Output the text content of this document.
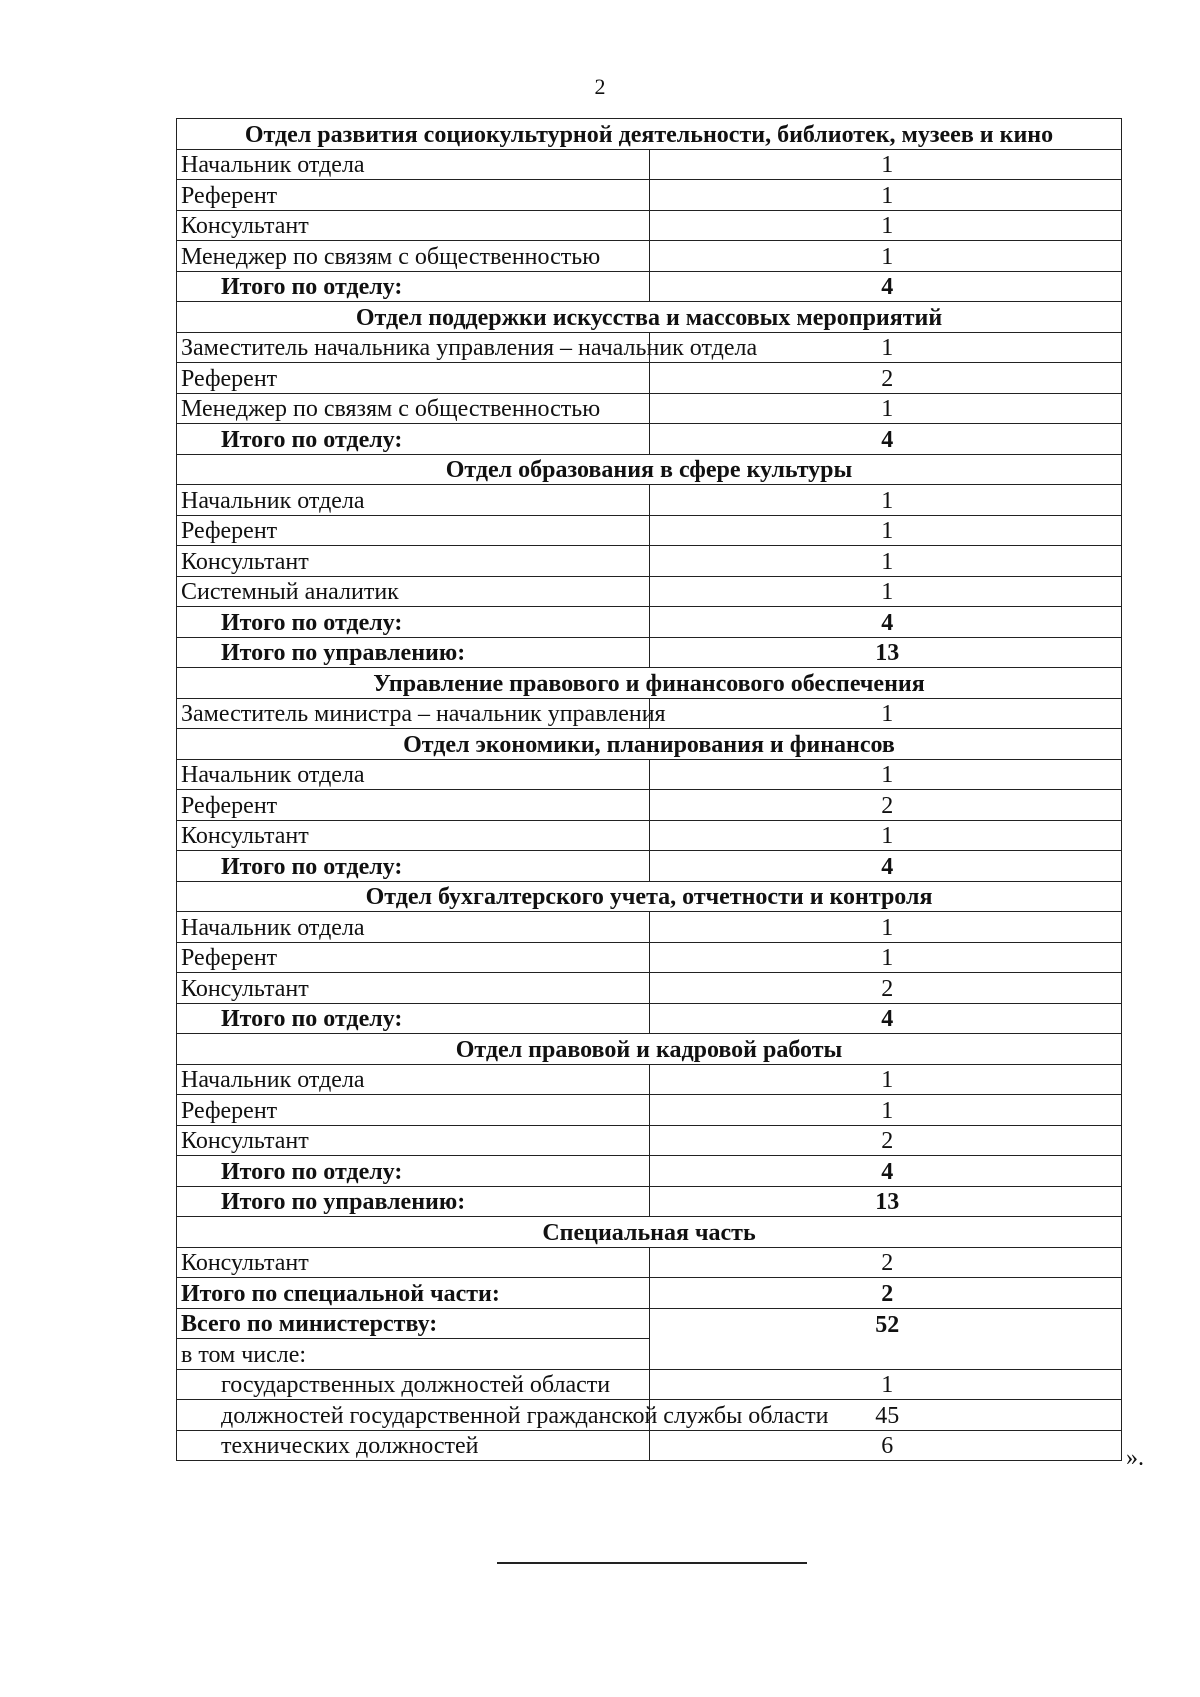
2
Отдел развития социокультурной деятельности, библиотек, музеев и кино	
Начальник отдела	1
Референт	1
Консультант	1
Менеджер по связям с общественностью	1
Итого по отделу:	4
Отдел поддержки искусства и массовых мероприятий	
Заместитель начальника управления – начальник отдела	1
Референт	2
Менеджер по связям с общественностью	1
Итого по отделу:	4
Отдел образования в сфере культуры	
Начальник отдела	1
Референт	1
Консультант	1
Системный аналитик	1
Итого по отделу:	4
Итого по управлению:	13
Управление правового и финансового обеспечения	
Заместитель министра – начальник управления	1
Отдел экономики, планирования и финансов	
Начальник отдела	1
Референт	2
Консультант	1
Итого по отделу:	4
Отдел бухгалтерского учета, отчетности и контроля	
Начальник отдела	1
Референт	1
Консультант	2
Итого по отделу:	4
Отдел правовой и кадровой работы	
Начальник отдела	1
Референт	1
Консультант	2
Итого по отделу:	4
Итого по управлению:	13
Специальная часть	
Консультант	2
Итого по специальной части:	2
Всего по министерству:	52
в том числе:	
государственных должностей области	1
должностей государственной гражданской службы области	45
технических должностей	6	».
